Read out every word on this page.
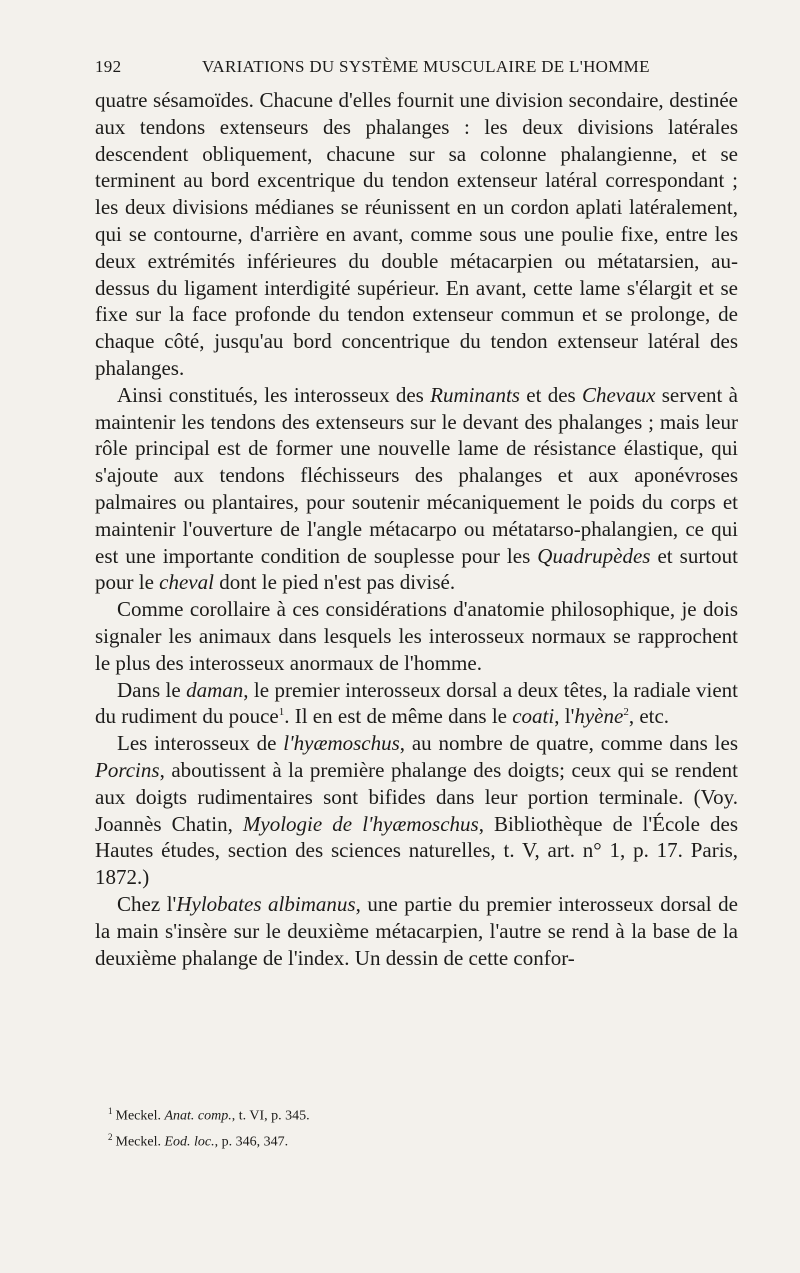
192	VARIATIONS DU SYSTÈME MUSCULAIRE DE L'HOMME

quatre sésamoïdes. Chacune d'elles fournit une division secondaire, destinée aux tendons extenseurs des phalanges : les deux divisions latérales descendent obliquement, chacune sur sa colonne phalangienne, et se terminent au bord excentrique du tendon extenseur latéral correspondant ; les deux divisions médianes se réunissent en un cordon aplati latéralement, qui se contourne, d'arrière en avant, comme sous une poulie fixe, entre les deux extrémités inférieures du double métacarpien ou métatarsien, au-dessus du ligament interdigité supérieur. En avant, cette lame s'élargit et se fixe sur la face profonde du tendon extenseur commun et se prolonge, de chaque côté, jusqu'au bord concentrique du tendon extenseur latéral des phalanges.

Ainsi constitués, les interosseux des Ruminants et des Chevaux servent à maintenir les tendons des extenseurs sur le devant des phalanges ; mais leur rôle principal est de former une nouvelle lame de résistance élastique, qui s'ajoute aux tendons fléchisseurs des phalanges et aux aponévroses palmaires ou plantaires, pour soutenir mécaniquement le poids du corps et maintenir l'ouverture de l'angle métacarpo ou métatarso-phalangien, ce qui est une importante condition de souplesse pour les Quadrupèdes et surtout pour le cheval dont le pied n'est pas divisé.

Comme corollaire à ces considérations d'anatomie philosophique, je dois signaler les animaux dans lesquels les interosseux normaux se rapprochent le plus des interosseux anormaux de l'homme.

Dans le daman, le premier interosseux dorsal a deux têtes, la radiale vient du rudiment du pouce$^1$. Il en est de même dans le coati, l'hyène$^2$, etc.

Les interosseux de l'hyæmoschus, au nombre de quatre, comme dans les Porcins, aboutissent à la première phalange des doigts; ceux qui se rendent aux doigts rudimentaires sont bifides dans leur portion terminale. (Voy. Joannès Chatin, Myologie de l'hyæmoschus, Bibliothèque de l'École des Hautes études, section des sciences naturelles, t. V, art. n° 1, p. 17. Paris, 1872.)

Chez l'Hylobates albimanus, une partie du premier interosseux dorsal de la main s'insère sur le deuxième métacarpien, l'autre se rend à la base de la deuxième phalange de l'index. Un dessin de cette confor-

$^1$ Meckel. Anat. comp., t. VI, p. 345.

$^2$ Meckel. Eod. loc., p. 346, 347.
